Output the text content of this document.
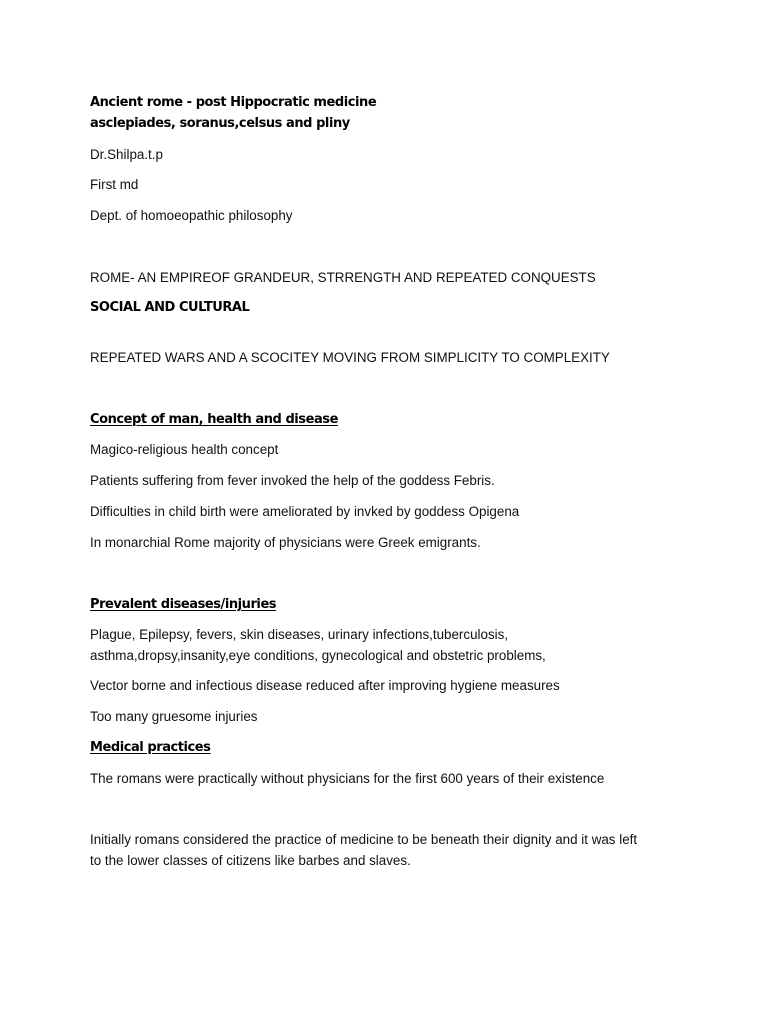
Ancient rome - post Hippocratic medicine
asclepiades, soranus,celsus and pliny
Dr.Shilpa.t.p
First md
Dept. of homoeopathic philosophy
ROME- AN EMPIREOF GRANDEUR, STRRENGTH AND REPEATED CONQUESTS
SOCIAL AND CULTURAL
REPEATED WARS AND A SCOCITEY MOVING FROM SIMPLICITY TO COMPLEXITY
Concept of man, health and disease
Magico-religious health concept
Patients suffering from fever invoked the help of the goddess Febris.
Difficulties in child birth were ameliorated by invked by goddess Opigena
In monarchial Rome majority of physicians were Greek emigrants.
Prevalent diseases/injuries
Plague, Epilepsy, fevers, skin diseases, urinary infections,tuberculosis,
asthma,dropsy,insanity,eye conditions, gynecological and obstetric problems,
Vector borne and infectious disease reduced after improving hygiene measures
Too many gruesome injuries
Medical practices
The romans were practically without physicians for the first 600 years of their existence
Initially romans considered the practice of medicine to be beneath their dignity and it was left
to the lower classes of citizens like barbes and slaves.
